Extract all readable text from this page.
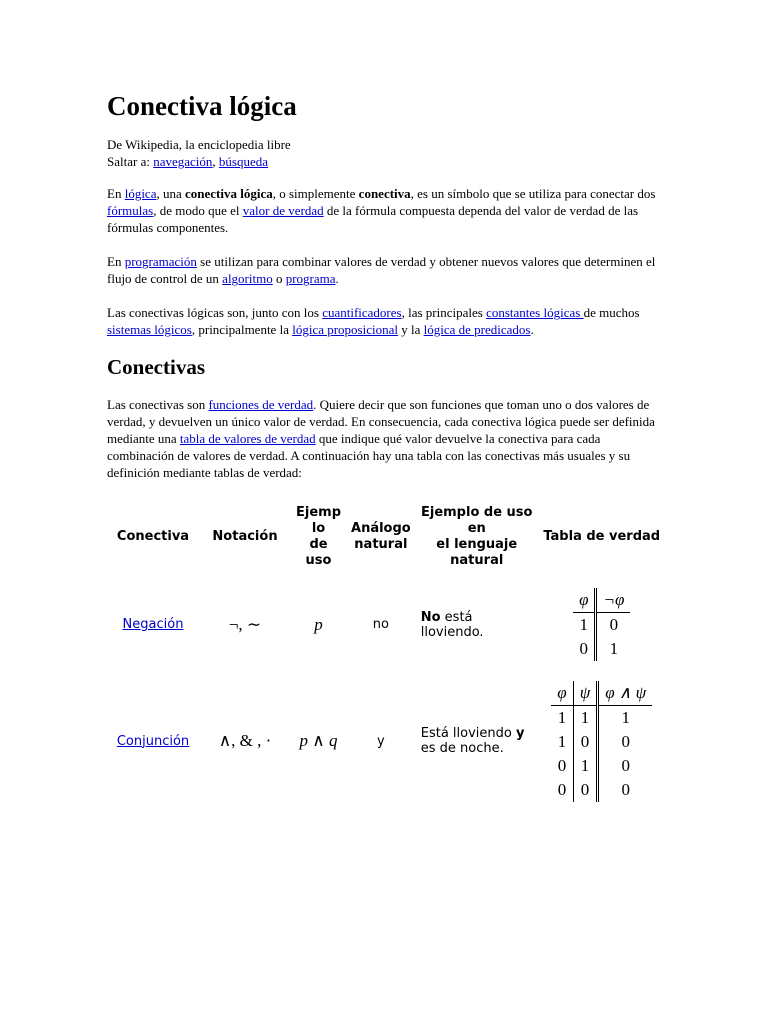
Conectiva lógica

De Wikipedia, la enciclopedia libre
Saltar a: navegación, búsqueda

En lógica, una conectiva lógica, o simplemente conectiva, es un símbolo que se utiliza para conectar dos fórmulas, de modo que el valor de verdad de la fórmula compuesta dependa del valor de verdad de las fórmulas componentes.

En programación se utilizan para combinar valores de verdad y obtener nuevos valores que determinen el flujo de control de un algoritmo o programa.

Las conectivas lógicas son, junto con los cuantificadores, las principales constantes lógicas de muchos sistemas lógicos, principalmente la lógica proposicional y la lógica de predicados.

Conectivas

Las conectivas son funciones de verdad. Quiere decir que son funciones que toman uno o dos valores de verdad, y devuelven un único valor de verdad. En consecuencia, cada conectiva lógica puede ser definida mediante una tabla de valores de verdad que indique qué valor devuelve la conectiva para cada combinación de valores de verdad. A continuación hay una tabla con las conectivas más usuales y su definición mediante tablas de verdad:

Conectiva	Notación	Ejemp
lo
de
uso	Análogo
natural	Ejemplo de uso
en
el lenguaje
natural	Tabla de verdad
Negación	¬, ∼	p	no	No está lloviendo.	
φ	¬φ
1	0
0	1

Conjunción	∧, & , ·	p ∧ q	y	Está lloviendo y es de noche.	
φ	ψ	φ ∧ ψ
1	1	1
1	0	0
0	1	0
0	0	0
